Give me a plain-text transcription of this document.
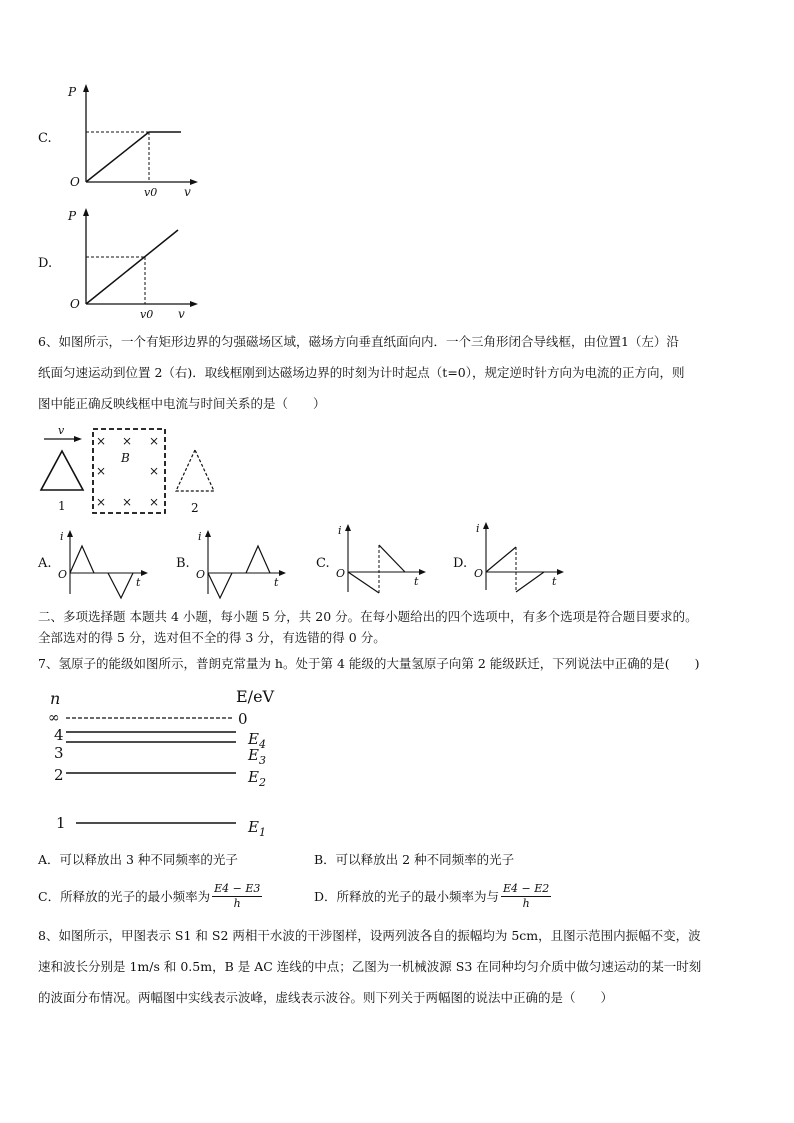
C.
P
O
v0 v
D.
P
O
v0 v
6、如图所示，一个有矩形边界的匀强磁场区域，磁场方向垂直纸面向内．一个三角形闭合导线框，由位置1（左）沿
纸面匀速运动到位置 2（右)．取线框刚到达磁场边界的时刻为计时起点（t=0），规定逆时针方向为电流的正方向，则
图中能正确反映线框中电流与时间关系的是（　　）
v
1
× × ×
×	×
× × ×
B
2
A.
i
O
t
B.
i
O
t
C.
i
O
t
D.
i
O
t
二、多项选择题 本题共 4 小题，每小题 5 分，共 20 分。在每小题给出的四个选项中，有多个选项是符合题目要求的。
全部选对的得 5 分，选对但不全的得 3 分，有选错的得 0 分。
7、氢原子的能级如图所示，普朗克常量为 h。处于第 4 能级的大量氢原子向第 2 能级跃迁，下列说法中正确的是(　　)
n	E/eV
∞	0
4	$E_4$
3	$E_3$
2	$E_2$
1	$E_1$
A．可以释放出 3 种不同频率的光子	B．可以释放出 2 种不同频率的光子
C．所释放的光子的最小频率为 $\frac{E4 - E3}{h}$	D．所释放的光子的最小频率为与 $\frac{E4 - E2}{h}$
8、如图所示，甲图表示 S1 和 S2 两相干水波的干涉图样，设两列波各自的振幅均为 5cm，且图示范围内振幅不变，波
速和波长分别是 1m/s 和 0.5m，B 是 AC 连线的中点；乙图为一机械波源 S3 在同种均匀介质中做匀速运动的某一时刻
的波面分布情况。两幅图中实线表示波峰，虚线表示波谷。则下列关于两幅图的说法中正确的是（　　）
